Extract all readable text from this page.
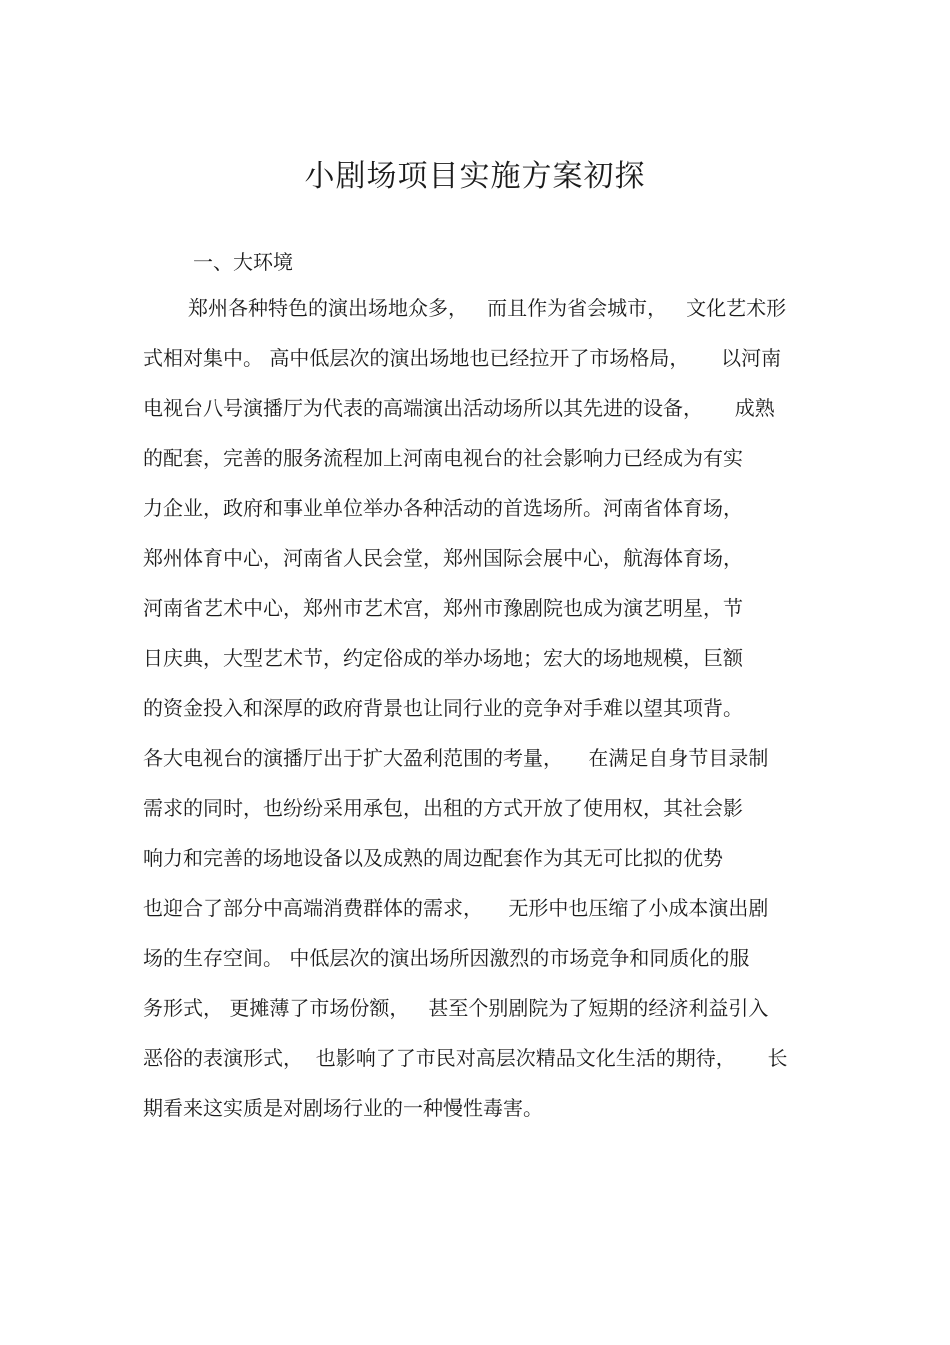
小剧场项目实施方案初探
一、大环境
郑州各种特色的演出场地众多，   而且作为省会城市，   文化艺术形
式相对集中。 高中低层次的演出场地也已经拉开了市场格局，     以河南
电视台八号演播厅为代表的高端演出活动场所以其先进的设备，     成熟
的配套，完善的服务流程加上河南电视台的社会影响力已经成为有实
力企业，政府和事业单位举办各种活动的首选场所。河南省体育场，
郑州体育中心，河南省人民会堂，郑州国际会展中心，航海体育场，
河南省艺术中心，郑州市艺术宫，郑州市豫剧院也成为演艺明星，节
日庆典，大型艺术节，约定俗成的举办场地；宏大的场地规模，巨额
的资金投入和深厚的政府背景也让同行业的竞争对手难以望其项背。
各大电视台的演播厅出于扩大盈利范围的考量，    在满足自身节目录制
需求的同时，也纷纷采用承包，出租的方式开放了使用权，其社会影
响力和完善的场地设备以及成熟的周边配套作为其无可比拟的优势
也迎合了部分中高端消费群体的需求，    无形中也压缩了小成本演出剧
场的生存空间。 中低层次的演出场所因激烈的市场竞争和同质化的服
务形式， 更摊薄了市场份额，   甚至个别剧院为了短期的经济利益引入
恶俗的表演形式，  也影响了了市民对高层次精品文化生活的期待，     长
期看来这实质是对剧场行业的一种慢性毒害。
